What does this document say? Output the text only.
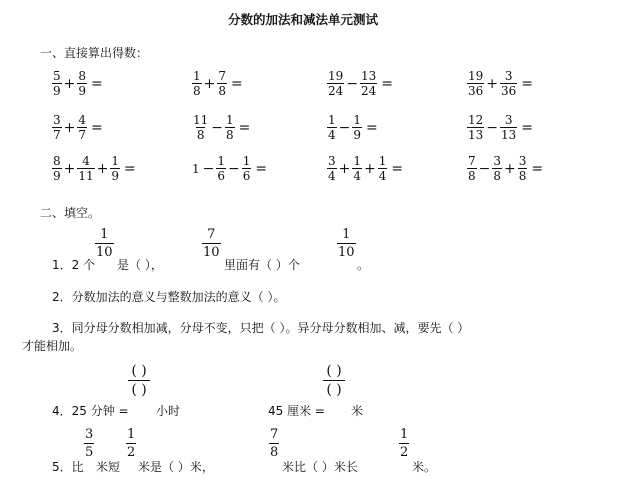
分数的加法和减法单元测试
一、直接算出得数：
$\frac{5}{9} + \frac{8}{9}$ =	$\frac{1}{8} + \frac{7}{8}$ =	$\frac{19}{24} - \frac{13}{24}$ =	$\frac{19}{36} + \frac{3}{36}$ =
$\frac{3}{7} + \frac{4}{7}$ =	$\frac{11}{8} - \frac{1}{8}$ =	$\frac{1}{4} - \frac{1}{9}$ =	$\frac{12}{13} - \frac{3}{13}$ =
$\frac{8}{9} + \frac{4}{11} + \frac{1}{9}$ =	$1 - \frac{1}{6} - \frac{1}{6}$ =	$\frac{3}{4} + \frac{1}{4} + \frac{1}{4}$ =	$\frac{7}{8} - \frac{3}{8} + \frac{3}{8}$ =
二、填空。
1．2 个
1
10
是（ ），
7
10
里面有（ ）个
1
10
。
2．分数加法的意义与整数加法的意义（ ）。
3．同分母分数相加减，分母不变，只把（ ）。异分母分数相加、减，要先（ ）
才能相加。
4．25 分钟 =
( )
( )
小时	45 厘米 =
( )
( )
米
5．比
3
5
米短
1
2
米是（ ）米，
7
8
米比（ ）米长
1
2
米。
